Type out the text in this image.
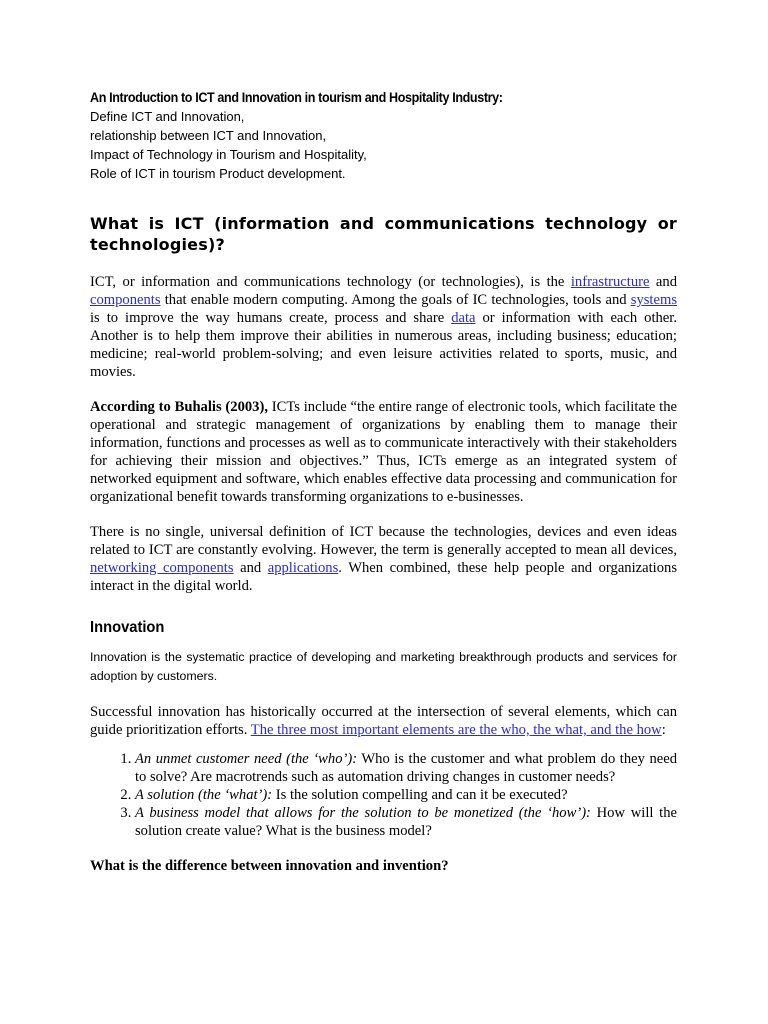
An Introduction to ICT and Innovation in tourism and Hospitality Industry:

Define ICT and Innovation,

relationship between ICT and Innovation,

Impact of Technology in Tourism and Hospitality,

Role of ICT in tourism Product development.

What is ICT (information and communications technology or technologies)?

ICT, or information and communications technology (or technologies), is the infrastructure and components that enable modern computing. Among the goals of IC technologies, tools and systems is to improve the way humans create, process and share data or information with each other. Another is to help them improve their abilities in numerous areas, including business; education; medicine; real-world problem-solving; and even leisure activities related to sports, music, and movies.

According to Buhalis (2003), ICTs include “the entire range of electronic tools, which facilitate the operational and strategic management of organizations by enabling them to manage their information, functions and processes as well as to communicate interactively with their stakeholders for achieving their mission and objectives.” Thus, ICTs emerge as an integrated system of networked equipment and software, which enables effective data processing and communication for organizational benefit towards transforming organizations to e-businesses.

There is no single, universal definition of ICT because the technologies, devices and even ideas related to ICT are constantly evolving. However, the term is generally accepted to mean all devices, networking components and applications. When combined, these help people and organizations interact in the digital world.

Innovation

Innovation is the systematic practice of developing and marketing breakthrough products and services for adoption by customers.

Successful innovation has historically occurred at the intersection of several elements, which can guide prioritization efforts. The three most important elements are the who, the what, and the how:

1. An unmet customer need (the ‘who’): Who is the customer and what problem do they need to solve? Are macrotrends such as automation driving changes in customer needs?
2. A solution (the ‘what’): Is the solution compelling and can it be executed?
3. A business model that allows for the solution to be monetized (the ‘how’): How will the solution create value? What is the business model?

What is the difference between innovation and invention?
